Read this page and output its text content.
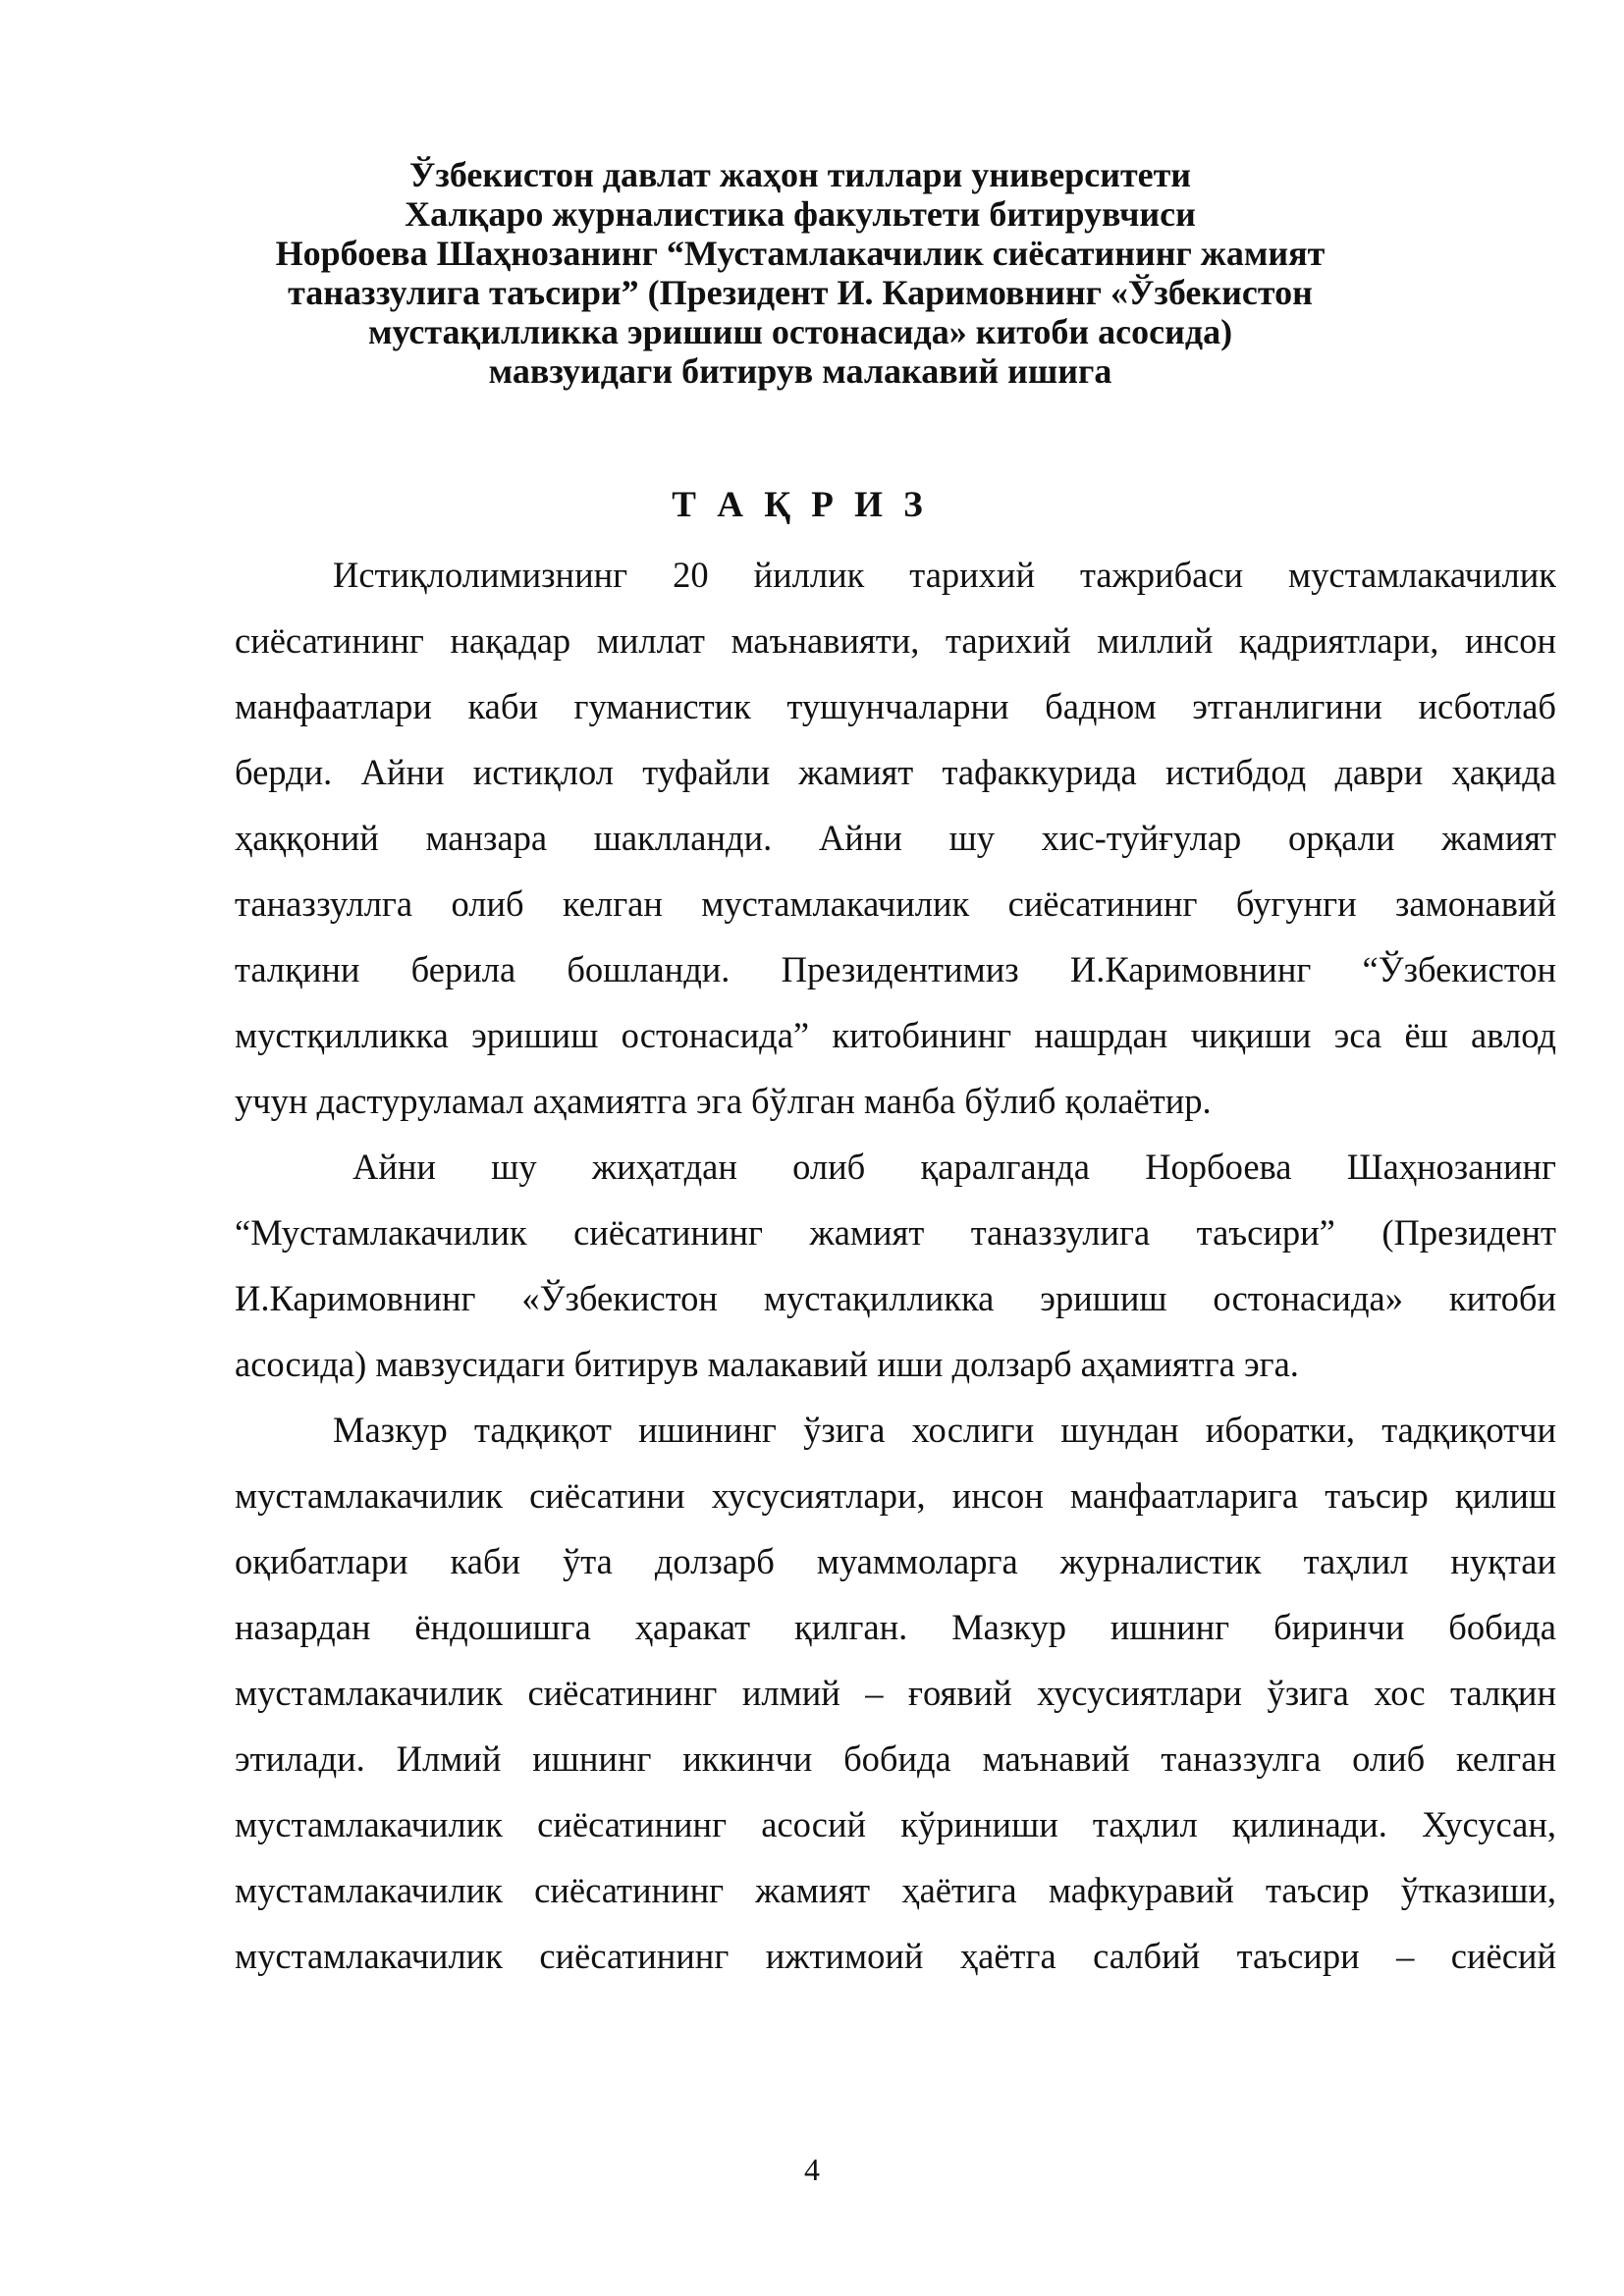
Ўзбекистон давлат жаҳон тиллари университети
Халқаро журналистика факультети битирувчиси
Норбоева Шаҳнозанинг “Мустамлакачилик сиёсатининг жамият
таназзулига таъсири” (Президент И. Каримовнинг «Ўзбекистон
мустақилликка эришиш остонасида» китоби асосида)
мавзуидаги битирув малакавий ишига
Т А Қ Р И З
Истиқлолимизнинг 20 йиллик тарихий тажрибаси мустамлакачилик
сиёсатининг нақадар миллат маънавияти, тарихий миллий қадриятлари, инсон
манфаатлари каби гуманистик тушунчаларни бадном этганлигини исботлаб
берди. Айни истиқлол туфайли жамият тафаккурида истибдод даври ҳақида
ҳаққоний манзара шаклланди. Айни шу хис-туйғулар орқали жамият
таназзуллга олиб келган мустамлакачилик сиёсатининг бугунги замонавий
талқини берила бошланди. Президентимиз И.Каримовнинг “Ўзбекистон
мустқилликка эришиш остонасида” китобининг нашрдан чиқиши эса ёш авлод
учун дастуруламал аҳамиятга эга бўлган манба бўлиб қолаётир.
Айни шу жиҳатдан олиб қаралганда Норбоева Шаҳнозанинг
“Мустамлакачилик сиёсатининг жамият таназзулига таъсири” (Президент
И.Каримовнинг «Ўзбекистон мустақилликка эришиш остонасида» китоби
асосида) мавзусидаги битирув малакавий иши долзарб аҳамиятга эга.
Мазкур тадқиқот ишининг ўзига хослиги шундан иборатки, тадқиқотчи
мустамлакачилик сиёсатини хусусиятлари, инсон манфаатларига таъсир қилиш
оқибатлари каби ўта долзарб муаммоларга журналистик таҳлил нуқтаи
назардан ёндошишга ҳаракат қилган. Мазкур ишнинг биринчи бобида
мустамлакачилик сиёсатининг илмий – ғоявий хусусиятлари ўзига хос талқин
этилади. Илмий ишнинг иккинчи бобида маънавий таназзулга олиб келган
мустамлакачилик сиёсатининг асосий кўриниши таҳлил қилинади. Хусусан,
мустамлакачилик сиёсатининг жамият ҳаётига мафкуравий таъсир ўтказиши,
мустамлакачилик сиёсатининг ижтимоий ҳаётга салбий таъсири – сиёсий
4
